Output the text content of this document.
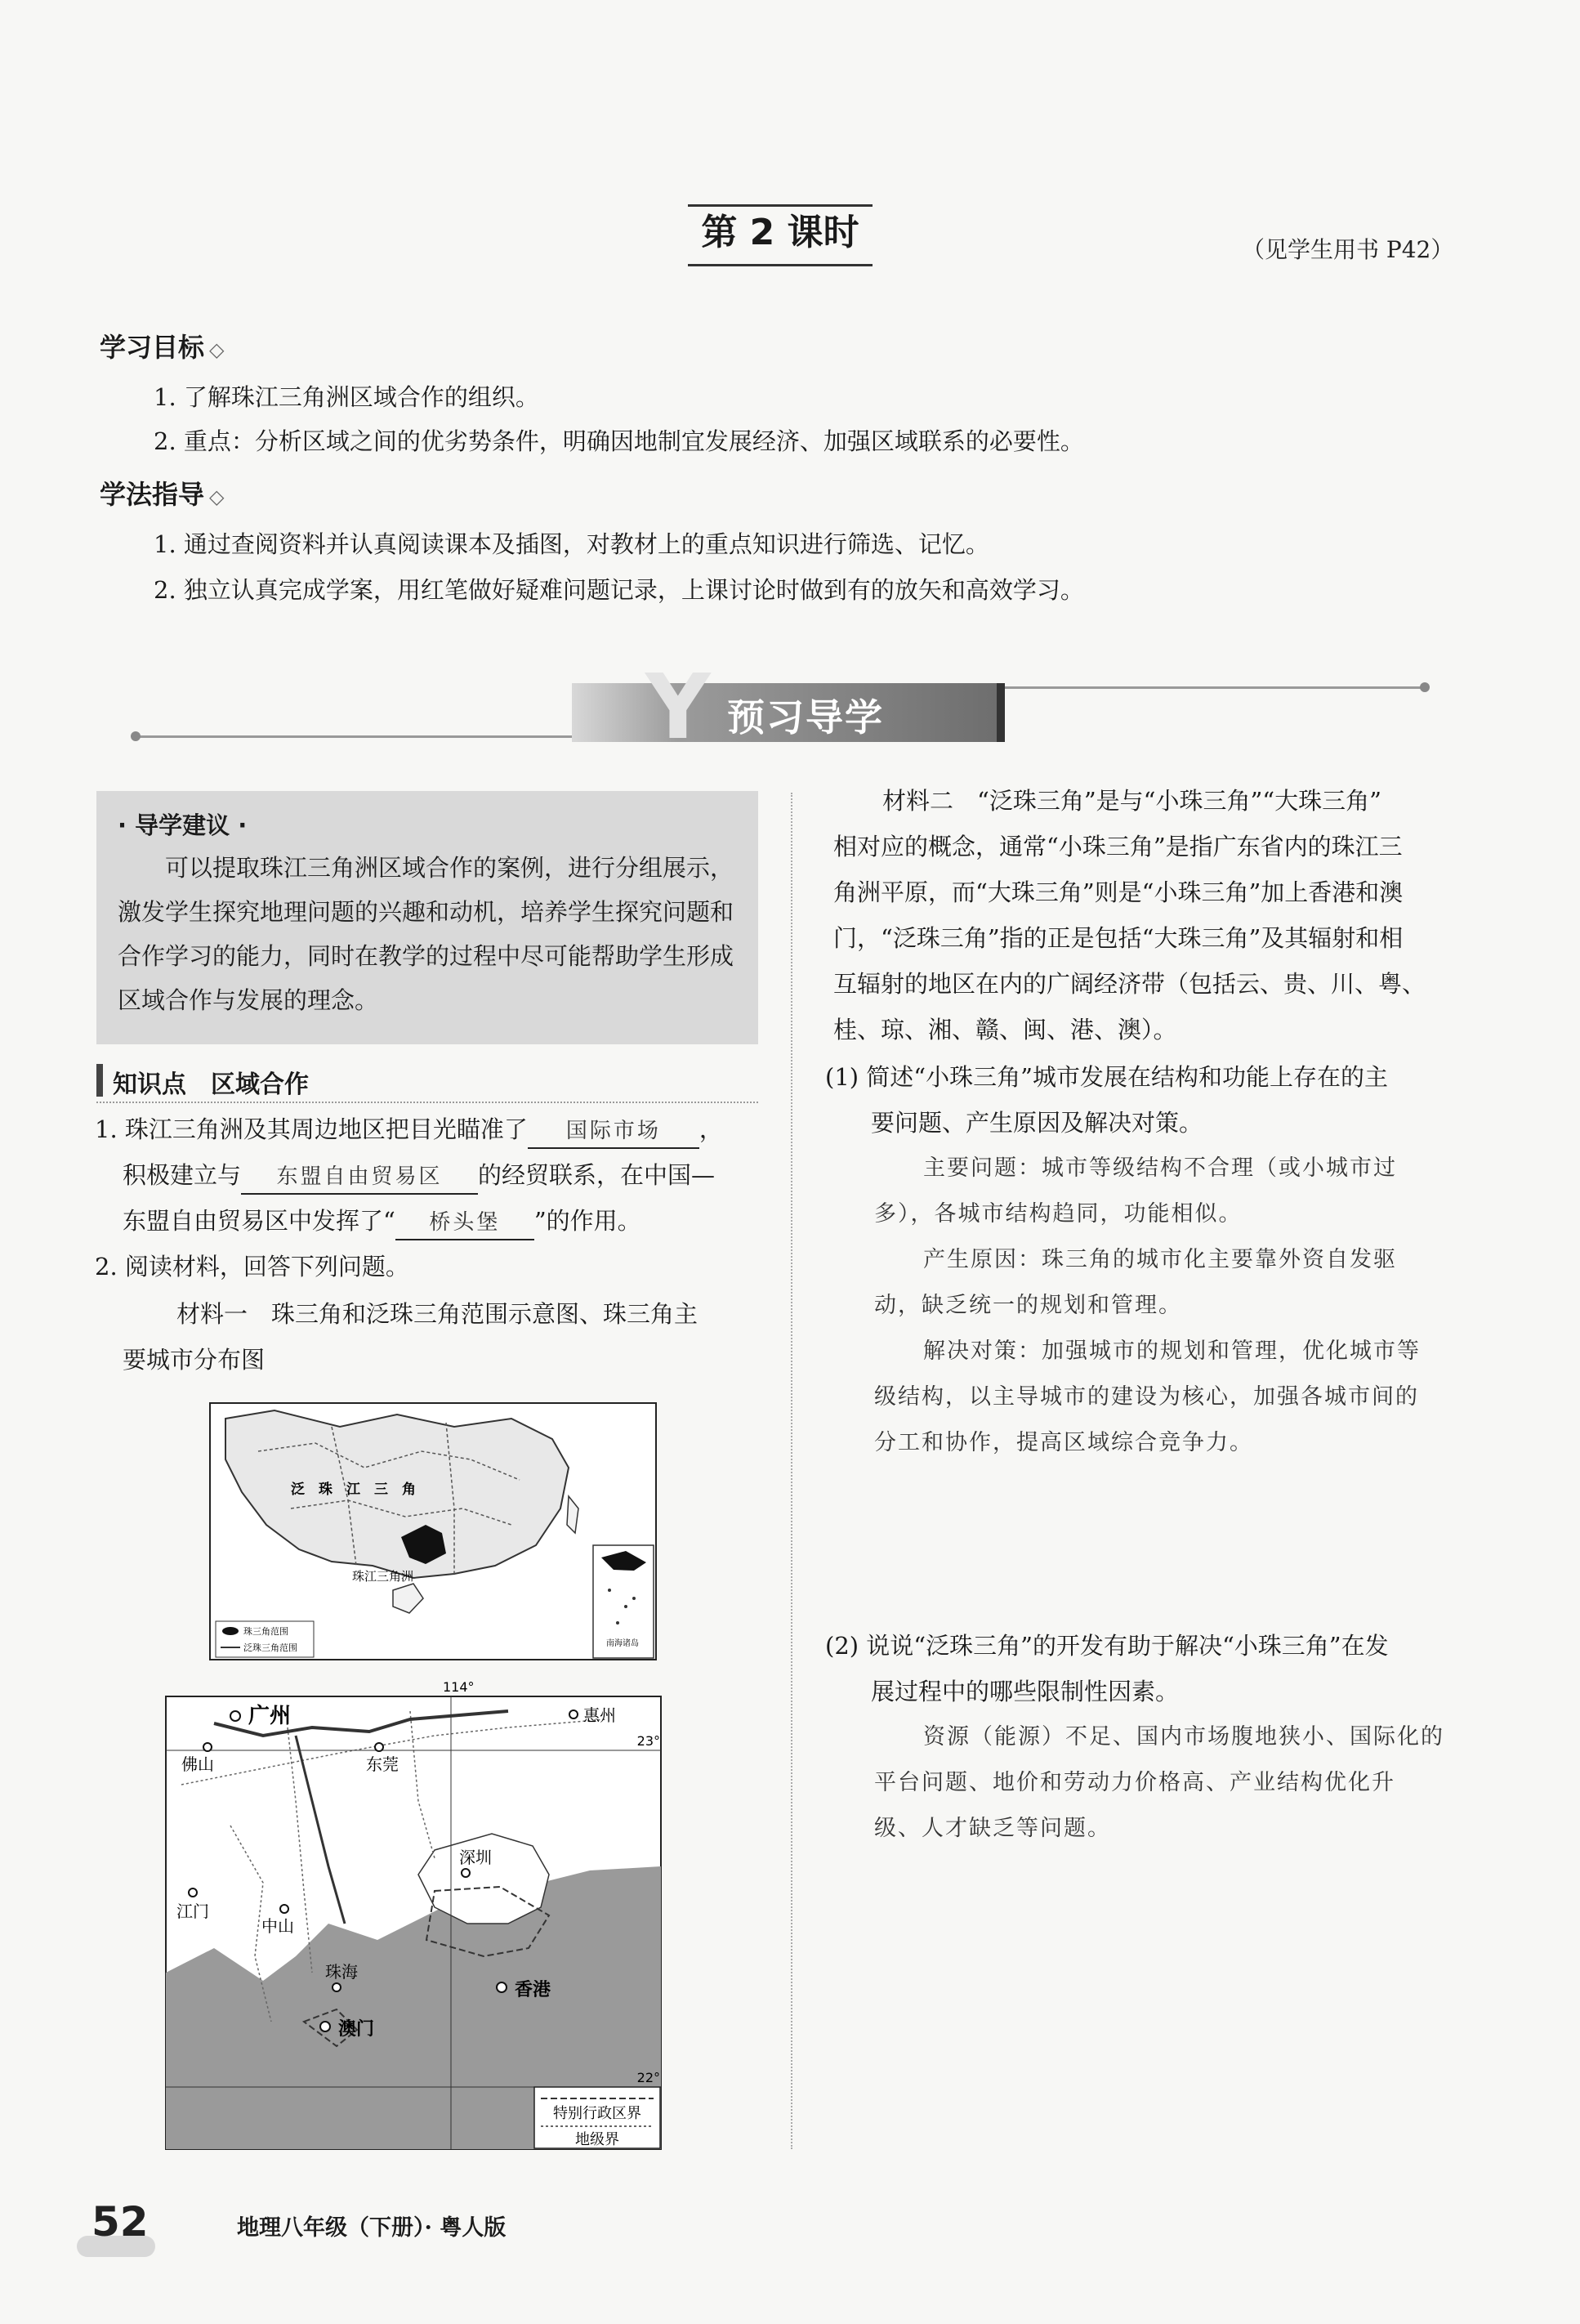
第 2 课时	（见学生用书 P42）
学习目标 ◇
1. 了解珠江三角洲区域合作的组织。
2. 重点：分析区域之间的优劣势条件，明确因地制宜发展经济、加强区域联系的必要性。
学法指导 ◇
1. 通过查阅资料并认真阅读课本及插图，对教材上的重点知识进行筛选、记忆。
2. 独立认真完成学案，用红笔做好疑难问题记录，上课讨论时做到有的放矢和高效学习。
Y 预习导学
· 导学建议 ·
可以提取珠江三角洲区域合作的案例，进行分组展示，激发学生探究地理问题的兴趣和动机，培养学生探究问题和合作学习的能力，同时在教学的过程中尽可能帮助学生形成区域合作与发展的理念。
知识点　 区域合作
1. 珠江三角洲及其周边地区把目光瞄准了 国际市场 ，
积极建立与 东盟自由贸易区 的经贸联系，在中国—
东盟自由贸易区中发挥了“ 桥头堡 ”的作用。
2. 阅读材料，回答下列问题。
材料一　珠三角和泛珠三角范围示意图、珠三角主
要城市分布图
泛　珠　江　三　角
珠江三角洲
珠三角范围
泛珠三角范围	南海诸岛
114°
23°
22°
广州	惠州
佛山	东莞
深圳
江门
中山
珠海
香港
澳门
特别行政区界
地级界
材料二　“泛珠三角”是与“小珠三角”“大珠三角”
相对应的概念，通常“小珠三角”是指广东省内的珠江三
角洲平原，而“大珠三角”则是“小珠三角”加上香港和澳
门，“泛珠三角”指的正是包括“大珠三角”及其辐射和相
互辐射的地区在内的广阔经济带（包括云、贵、川、粤、
桂、琼、湘、赣、闽、港、澳）。
(1) 简述“小珠三角”城市发展在结构和功能上存在的主
要问题、产生原因及解决对策。
主要问题：城市等级结构不合理（或小城市过
多），各城市结构趋同，功能相似。
产生原因：珠三角的城市化主要靠外资自发驱
动，缺乏统一的规划和管理。
解决对策：加强城市的规划和管理，优化城市等
级结构，以主导城市的建设为核心，加强各城市间的
分工和协作，提高区域综合竞争力。
(2) 说说“泛珠三角”的开发有助于解决“小珠三角”在发
展过程中的哪些限制性因素。
资源（能源）不足、国内市场腹地狭小、国际化的
平台问题、地价和劳动力价格高、产业结构优化升
级、人才缺乏等问题。
52	地理八年级（下册）· 粤人版
